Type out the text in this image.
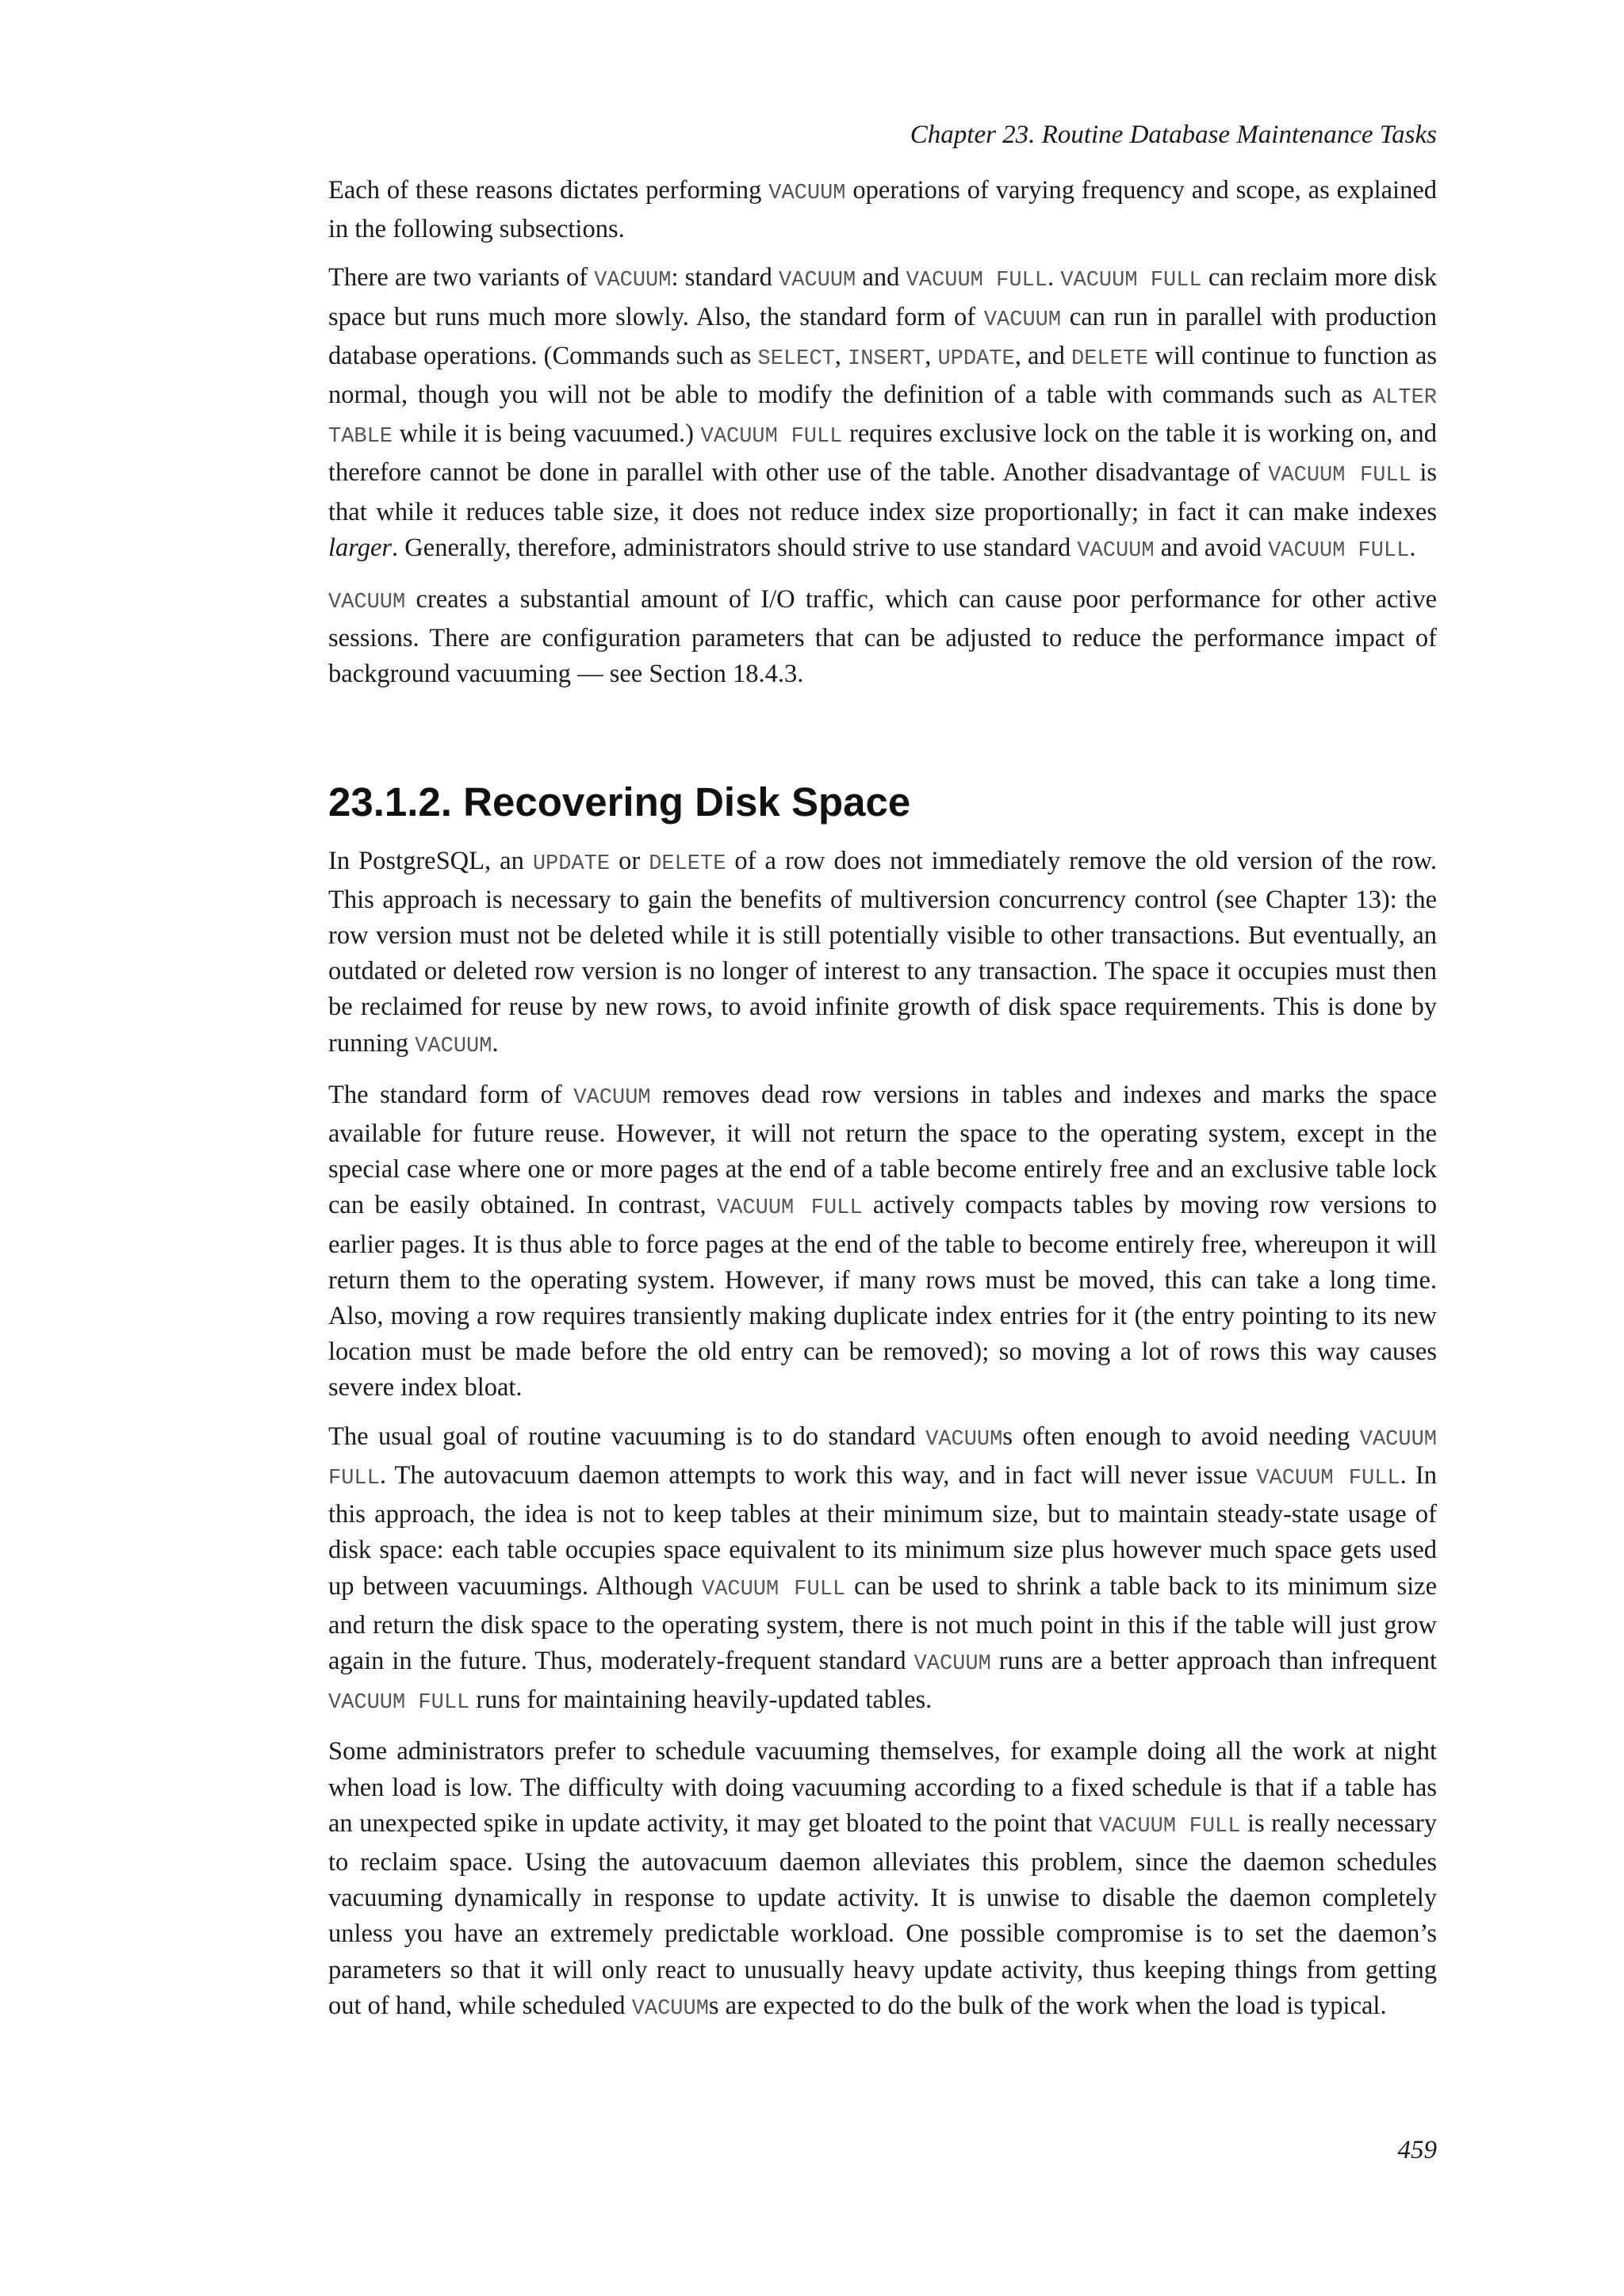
Chapter 23. Routine Database Maintenance Tasks

Each of these reasons dictates performing VACUUM operations of varying frequency and scope, as explained in the following subsections.

There are two variants of VACUUM: standard VACUUM and VACUUM FULL. VACUUM FULL can reclaim more disk space but runs much more slowly. Also, the standard form of VACUUM can run in parallel with production database operations. (Commands such as SELECT, INSERT, UPDATE, and DELETE will continue to function as normal, though you will not be able to modify the definition of a table with commands such as ALTER TABLE while it is being vacuumed.) VACUUM FULL requires exclusive lock on the table it is working on, and therefore cannot be done in parallel with other use of the table. Another disadvantage of VACUUM FULL is that while it reduces table size, it does not reduce index size proportionally; in fact it can make indexes larger. Generally, therefore, administrators should strive to use standard VACUUM and avoid VACUUM FULL.

VACUUM creates a substantial amount of I/O traffic, which can cause poor performance for other active sessions. There are configuration parameters that can be adjusted to reduce the performance impact of background vacuuming — see Section 18.4.3.

23.1.2. Recovering Disk Space

In PostgreSQL, an UPDATE or DELETE of a row does not immediately remove the old version of the row. This approach is necessary to gain the benefits of multiversion concurrency control (see Chapter 13): the row version must not be deleted while it is still potentially visible to other transactions. But eventually, an outdated or deleted row version is no longer of interest to any transaction. The space it occupies must then be reclaimed for reuse by new rows, to avoid infinite growth of disk space requirements. This is done by running VACUUM.

The standard form of VACUUM removes dead row versions in tables and indexes and marks the space available for future reuse. However, it will not return the space to the operating system, except in the special case where one or more pages at the end of a table become entirely free and an exclusive table lock can be easily obtained. In contrast, VACUUM FULL actively compacts tables by moving row versions to earlier pages. It is thus able to force pages at the end of the table to become entirely free, whereupon it will return them to the operating system. However, if many rows must be moved, this can take a long time. Also, moving a row requires transiently making duplicate index entries for it (the entry pointing to its new location must be made before the old entry can be removed); so moving a lot of rows this way causes severe index bloat.

The usual goal of routine vacuuming is to do standard VACUUMs often enough to avoid needing VACUUM FULL. The autovacuum daemon attempts to work this way, and in fact will never issue VACUUM FULL. In this approach, the idea is not to keep tables at their minimum size, but to maintain steady-state usage of disk space: each table occupies space equivalent to its minimum size plus however much space gets used up between vacuumings. Although VACUUM FULL can be used to shrink a table back to its minimum size and return the disk space to the operating system, there is not much point in this if the table will just grow again in the future. Thus, moderately-frequent standard VACUUM runs are a better approach than infrequent VACUUM FULL runs for maintaining heavily-updated tables.

Some administrators prefer to schedule vacuuming themselves, for example doing all the work at night when load is low. The difficulty with doing vacuuming according to a fixed schedule is that if a table has an unexpected spike in update activity, it may get bloated to the point that VACUUM FULL is really necessary to reclaim space. Using the autovacuum daemon alleviates this problem, since the daemon schedules vacuuming dynamically in response to update activity. It is unwise to disable the daemon completely unless you have an extremely predictable workload. One possible compromise is to set the daemon’s parameters so that it will only react to unusually heavy update activity, thus keeping things from getting out of hand, while scheduled VACUUMs are expected to do the bulk of the work when the load is typical.

459
